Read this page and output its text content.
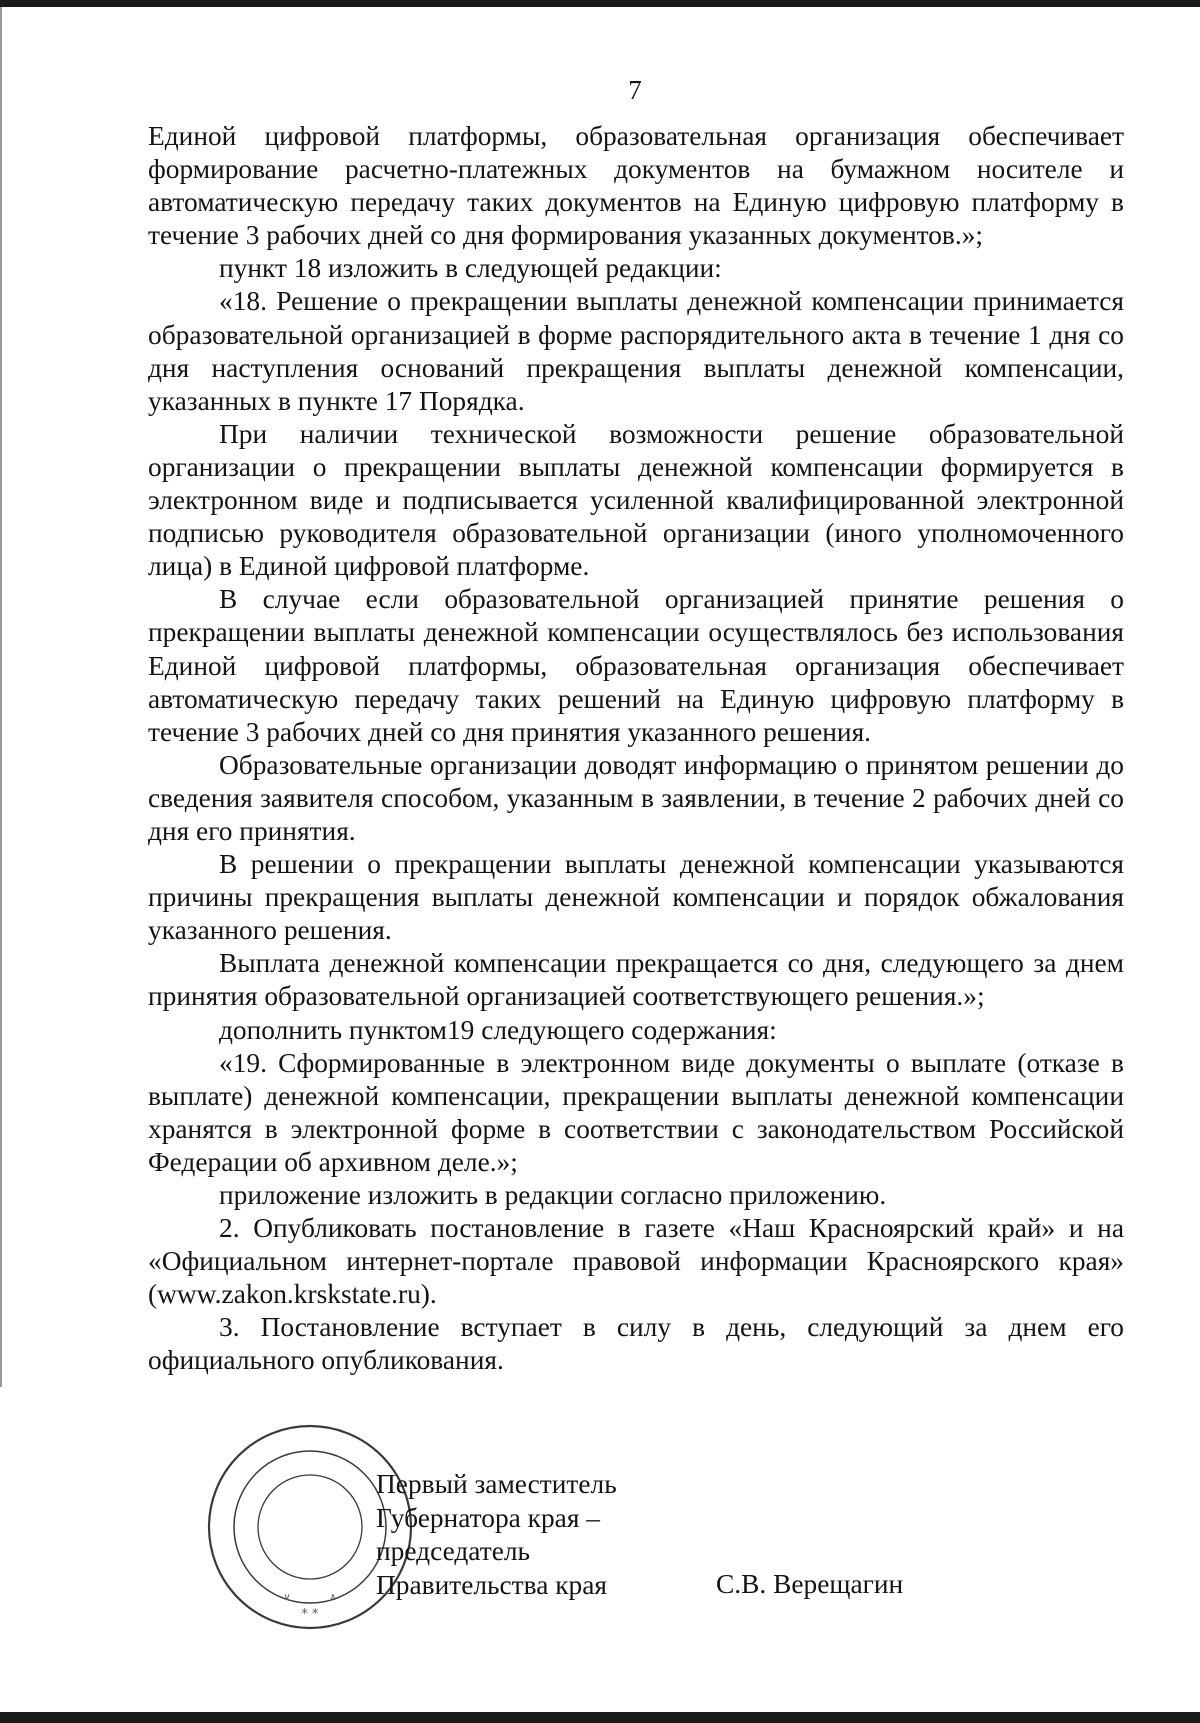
7

Единой цифровой платформы, образовательная организация обеспечивает формирование расчетно-платежных документов на бумажном носителе и автоматическую передачу таких документов на Единую цифровую платформу в течение 3 рабочих дней со дня формирования указанных документов.»;

пункт 18 изложить в следующей редакции:

«18. Решение о прекращении выплаты денежной компенсации принимается образовательной организацией в форме распорядительного акта в течение 1 дня со дня наступления оснований прекращения выплаты денежной компенсации, указанных в пункте 17 Порядка.

При наличии технической возможности решение образовательной организации о прекращении выплаты денежной компенсации формируется в электронном виде и подписывается усиленной квалифицированной электронной подписью руководителя образовательной организации (иного уполномоченного лица) в Единой цифровой платформе.

В случае если образовательной организацией принятие решения о прекращении выплаты денежной компенсации осуществлялось без использования Единой цифровой платформы, образовательная организация обеспечивает автоматическую передачу таких решений на Единую цифровую платформу в течение 3 рабочих дней со дня принятия указанного решения.

Образовательные организации доводят информацию о принятом решении до сведения заявителя способом, указанным в заявлении, в течение 2 рабочих дней со дня его принятия.

В решении о прекращении выплаты денежной компенсации указываются причины прекращения выплаты денежной компенсации и порядок обжалования указанного решения.

Выплата денежной компенсации прекращается со дня, следующего за днем принятия образовательной организацией соответствующего решения.»;

дополнить пунктом19 следующего содержания:

«19. Сформированные в электронном виде документы о выплате (отказе в выплате) денежной компенсации, прекращении выплаты денежной компенсации хранятся в электронной форме в соответствии с законодательством Российской Федерации об архивном деле.»;

приложение изложить в редакции согласно приложению.

2. Опубликовать постановление в газете «Наш Красноярский край» и на «Официальном интернет-портале правовой информации Красноярского края» (www.zakon.krskstate.ru).

3. Постановление вступает в силу в день, следующий за днем его официального опубликования.

* *
∨	∧
Первый заместитель
Губернатора края –
председатель
Правительства края	С.В. Верещагин
